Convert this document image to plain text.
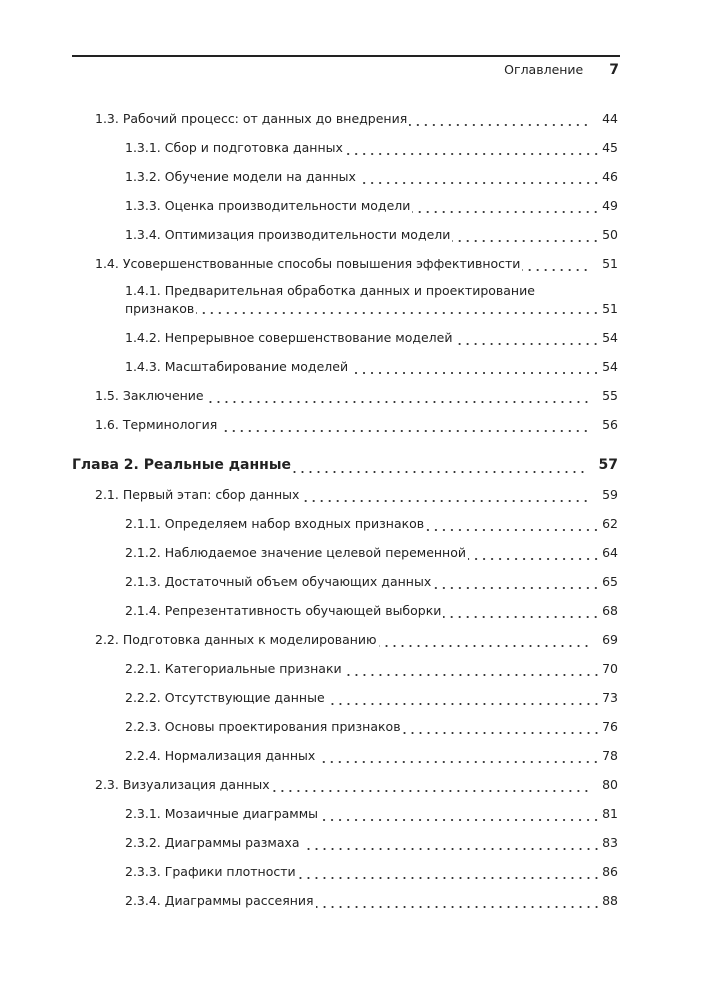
Оглавление 7
1.3. Рабочий процесс: от данных до внедрения	44
1.3.1. Сбор и подготовка данных	45
1.3.2. Обучение модели на данных	46
1.3.3. Оценка производительности модели	49
1.3.4. Оптимизация производительности модели	50
1.4. Усовершенствованные способы повышения эффективности	51
1.4.1. Предварительная обработка данных и проектирование
признаков	51
1.4.2. Непрерывное совершенствование моделей	54
1.4.3. Масштабирование моделей	54
1.5. Заключение	55
1.6. Терминология	56
Глава 2. Реальные данные	57
2.1. Первый этап: сбор данных	59
2.1.1. Определяем набор входных признаков	62
2.1.2. Наблюдаемое значение целевой переменной	64
2.1.3. Достаточный объем обучающих данных	65
2.1.4. Репрезентативность обучающей выборки	68
2.2. Подготовка данных к моделированию	69
2.2.1. Категориальные признаки	70
2.2.2. Отсутствующие данные	73
2.2.3. Основы проектирования признаков	76
2.2.4. Нормализация данных	78
2.3. Визуализация данных	80
2.3.1. Мозаичные диаграммы	81
2.3.2. Диаграммы размаха	83
2.3.3. Графики плотности	86
2.3.4. Диаграммы рассеяния	88
